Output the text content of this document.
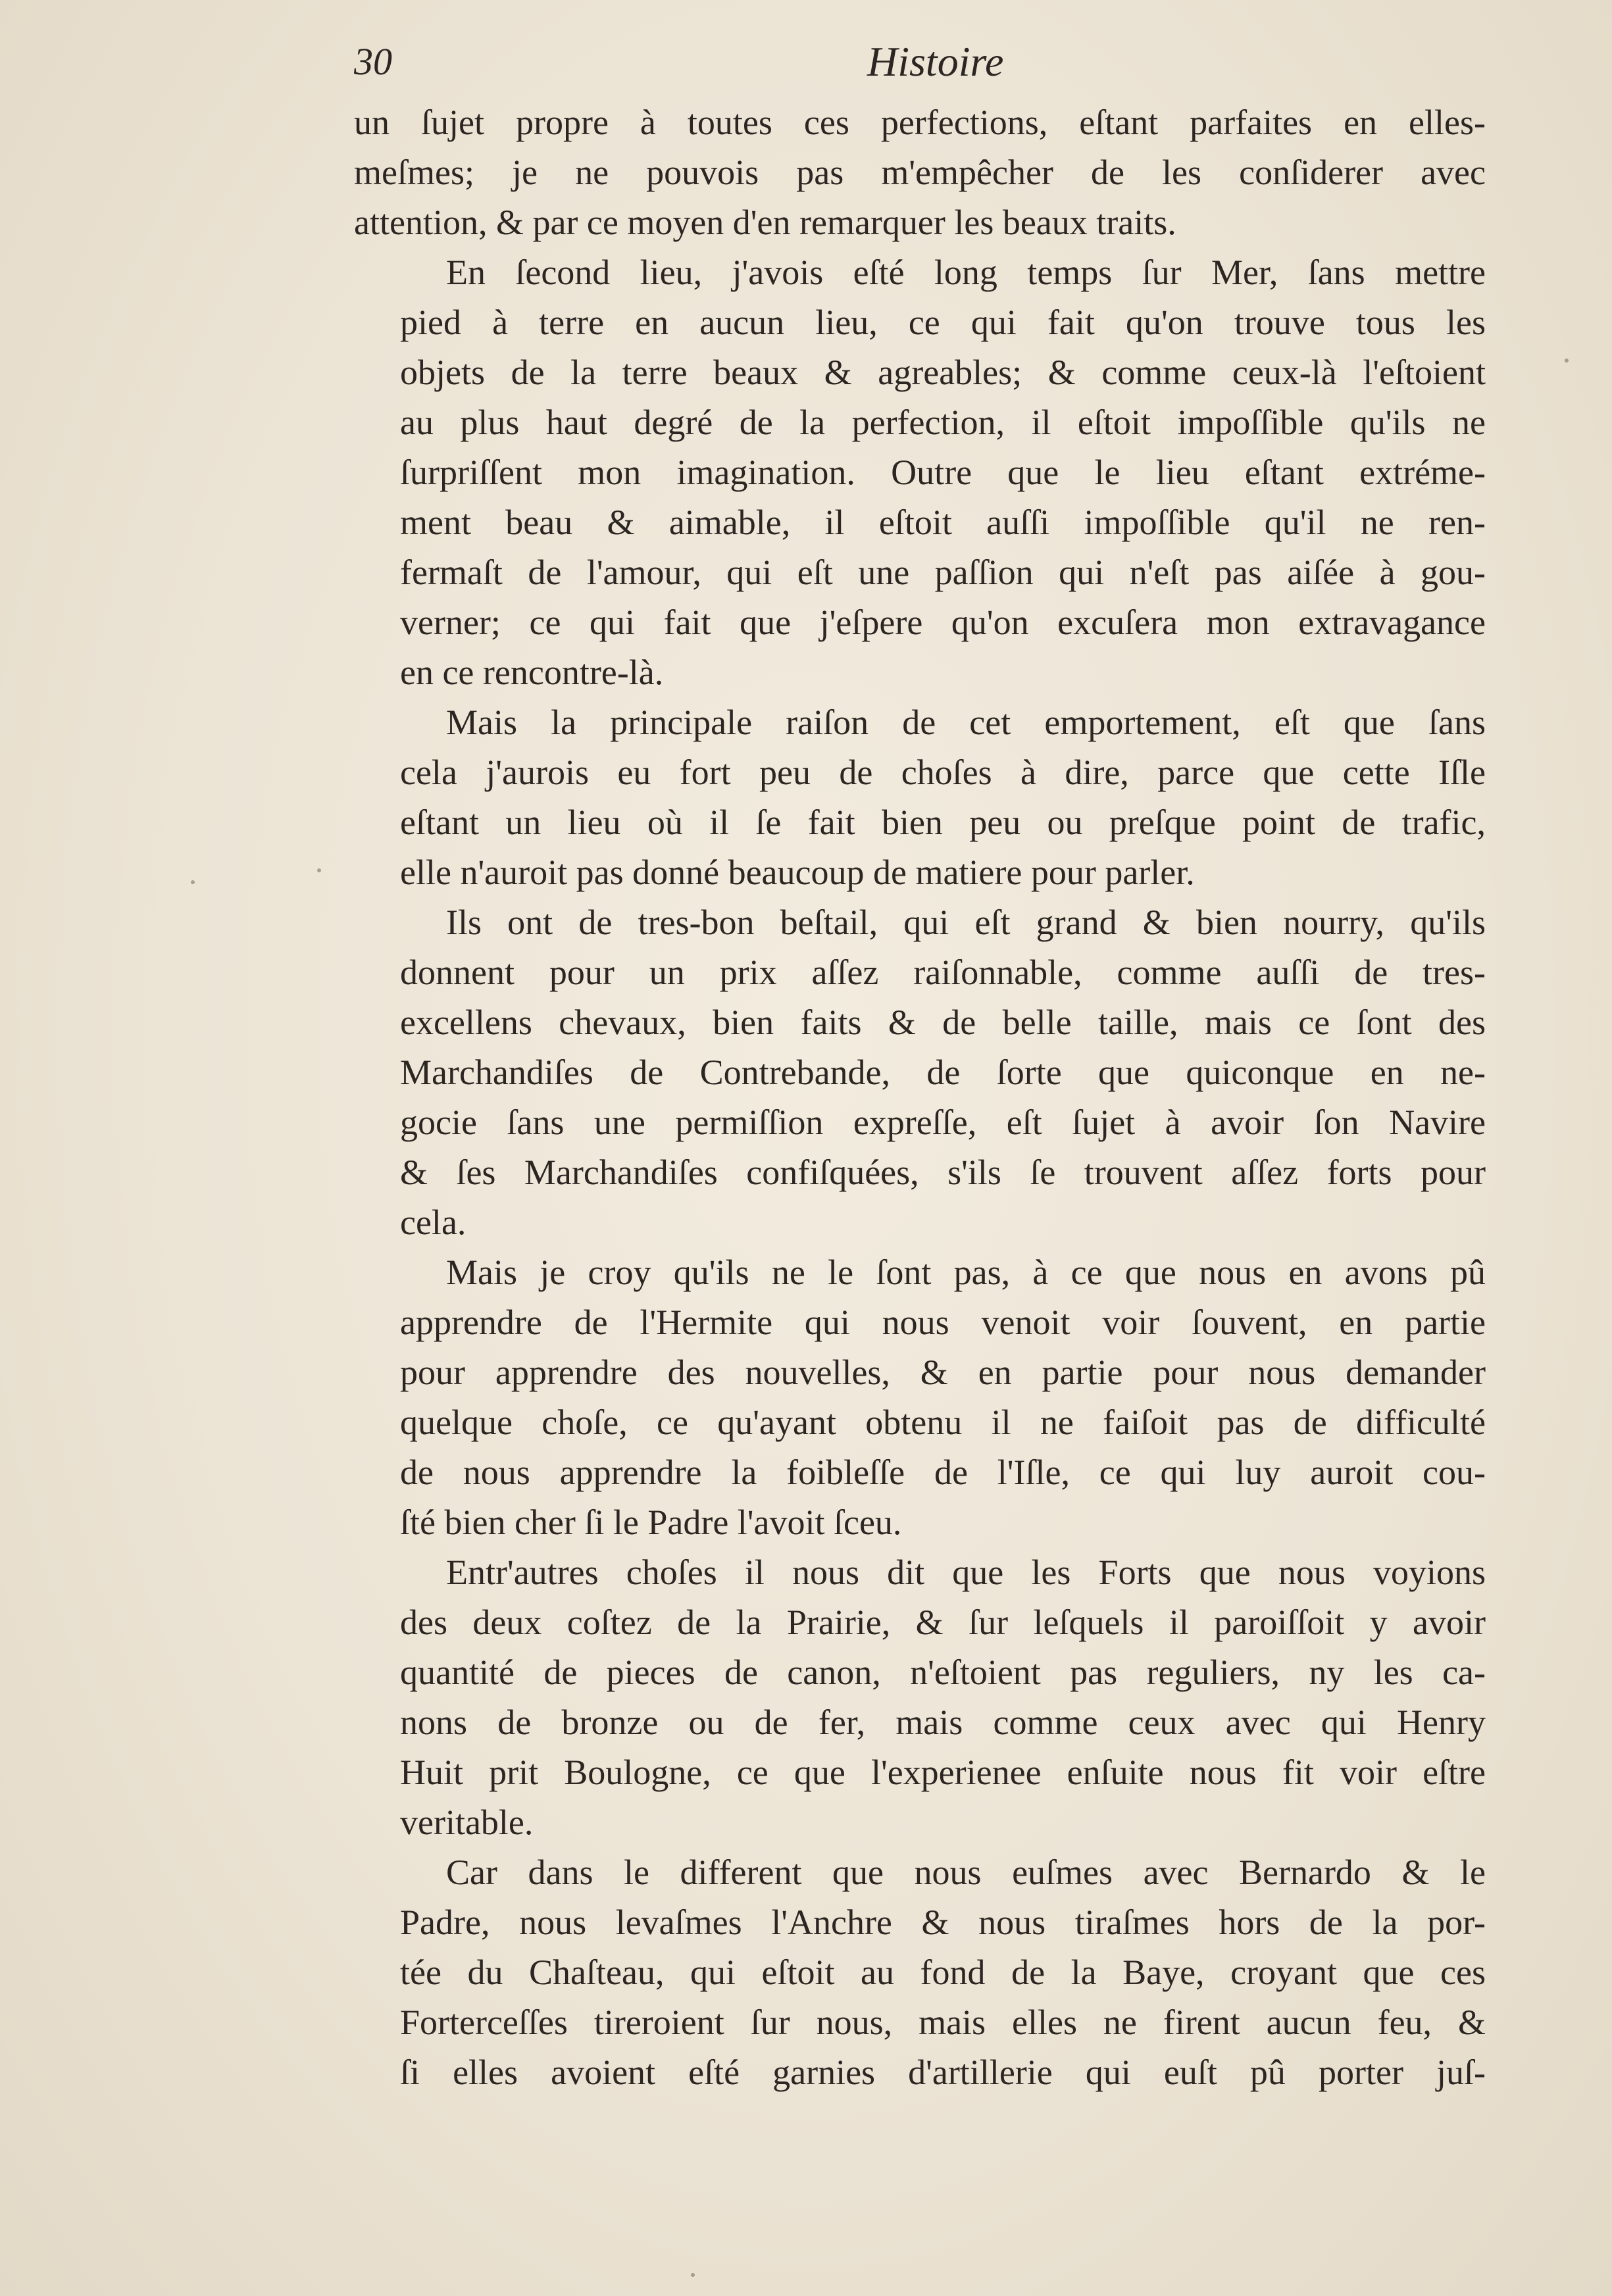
30	Histoire
un ſujet propre à toutes ces perfections, eſtant parfaites en elles-
meſmes; je ne pouvois pas m'empêcher de les conſiderer avec
attention, & par ce moyen d'en remarquer les beaux traits.
En ſecond lieu, j'avois eſté long temps ſur Mer, ſans mettre
pied à terre en aucun lieu, ce qui fait qu'on trouve tous les
objets de la terre beaux & agreables; & comme ceux-là l'eſtoient
au plus haut degré de la perfection, il eſtoit impoſſible qu'ils ne
ſurpriſſent mon imagination. Outre que le lieu eſtant extréme-
ment beau & aimable, il eſtoit auſſi impoſſible qu'il ne ren-
fermaſt de l'amour, qui eſt une paſſion qui n'eſt pas aiſée à gou-
verner; ce qui fait que j'eſpere qu'on excuſera mon extravagance
en ce rencontre-là.
Mais la principale raiſon de cet emportement, eſt que ſans
cela j'aurois eu fort peu de choſes à dire, parce que cette Iſle
eſtant un lieu où il ſe fait bien peu ou preſque point de trafic,
elle n'auroit pas donné beaucoup de matiere pour parler.
Ils ont de tres-bon beſtail, qui eſt grand & bien nourry, qu'ils
donnent pour un prix aſſez raiſonnable, comme auſſi de tres-
excellens chevaux, bien faits & de belle taille, mais ce ſont des
Marchandiſes de Contrebande, de ſorte que quiconque en ne-
gocie ſans une permiſſion expreſſe, eſt ſujet à avoir ſon Navire
& ſes Marchandiſes confiſquées, s'ils ſe trouvent aſſez forts pour
cela.
Mais je croy qu'ils ne le ſont pas, à ce que nous en avons pû
apprendre de l'Hermite qui nous venoit voir ſouvent, en partie
pour apprendre des nouvelles, & en partie pour nous demander
quelque choſe, ce qu'ayant obtenu il ne faiſoit pas de difficulté
de nous apprendre la foibleſſe de l'Iſle, ce qui luy auroit cou-
ſté bien cher ſi le Padre l'avoit ſceu.
Entr'autres choſes il nous dit que les Forts que nous voyions
des deux coſtez de la Prairie, & ſur leſquels il paroiſſoit y avoir
quantité de pieces de canon, n'eſtoient pas reguliers, ny les ca-
nons de bronze ou de fer, mais comme ceux avec qui Henry
Huit prit Boulogne, ce que l'experienee enſuite nous fit voir eſtre
veritable.
Car dans le different que nous euſmes avec Bernardo & le
Padre, nous levaſmes l'Anchre & nous tiraſmes hors de la por-
tée du Chaſteau, qui eſtoit au fond de la Baye, croyant que ces
Forterceſſes tireroient ſur nous, mais elles ne firent aucun feu, &
ſi elles avoient eſté garnies d'artillerie qui euſt pû porter juſ-
